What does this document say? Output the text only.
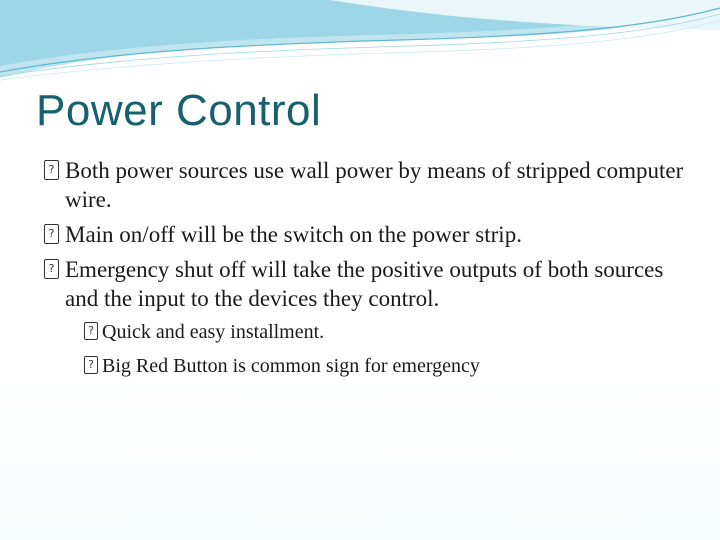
Power Control
? Both power sources use wall power by means of stripped computer wire.
? Main on/off will be the switch on the power strip.
? Emergency shut off will take the positive outputs of both sources and the input to the devices they control.
? Quick and easy installment.
? Big Red Button is common sign for emergency
